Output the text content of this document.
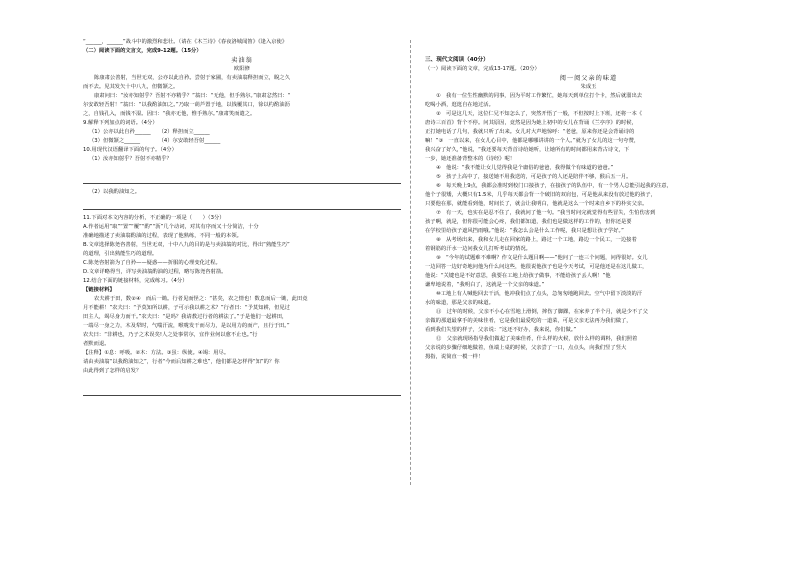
“______，______”战斗中的激烈和悲壮。（请在《木兰诗》《春夜洛城闻笛》《逢入京使》
（二）阅读下面的文言文，完成9-12题。（15分）
卖油翁
欧阳修
陈康肃公善射，当世无双，公亦以此自矜。尝射于家圃，有卖油翁释担而立，睨之久
而不去。见其发矢十中八九，但微颔之。
康肃问曰：“汝亦知射乎？吾射不亦精乎？”翁曰：“无他，但手熟尔。”康肃忿然曰：“
尔安敢轻吾射！”翁曰：“以我酌油知之。”乃取一葫芦置于地，以钱覆其口，徐以杓酌油沥
之，自钱孔入，而钱不湿。因曰：“我亦无他，惟手熟尔。”康肃笑而遣之。
9.解释下列加点的词语。（4分）
（1）公亦以此自矜______　　（2）释担而立______
（3）但微颔之______　　　　（4）尔安敢轻吾射______
10.用现代汉语翻译下面的句子。（4分）
（1）汝亦知射乎？吾射不亦精乎？
（2）以我酌油知之。
11.下面对本文内容的分析，不正确的一项是（　　）（3分）
A.作者运用“取”“置”“覆”“酌”“沥”几个动词，对其有序而又十分简洁，十分
准确地描述了卖油翁酌油的过程，表现了他熟练，不同一般的本领。
B.文章选择陈尧咨善射，当世无双，十中八九的目的是与卖油翁的对比，得出“熟能生巧”
的道理，引出熟能生巧的道理。
C.陈尧咨射箭为了自矜——疑惑——折服的心理变化过程。
D.文章详略得当，详写卖油翁酌油的过程，略写陈尧咨射箭。
12.结合下面的链接材料，完成练习。（4分）
【链接材料】
农夫耕于田，数②④　而后一锄。行者见而怪之：“甚矣，农之情也！数息而后一锄，此田竟
月不能耕！”农夫曰：“予莫知所以耕，子可示我以耕之术？”行者曰：“予莫知耕，但见过
田主人，竭尽身力而干。”农夫曰：“是吗？我请教过行者的耕法了。”于是他们一起耕田，
一端尽一身之力，木及犁时，气喘汗流，喉咙发干而尽力，是以用力的而产，且行于田。”
农夫曰：“非耕也，乃子之术误矣!人之处事常尔，宜作业何以愈不止也。”行
者默而退。
【注释】①息：呼吸。②木：方法。③虽：纵使。④竭：用尽。
请由卖油翁“以我酌油知之”，行者“今而后知耕之难也”，他们都是怎样得“知”的？你
由此得到了怎样的启发？
三、现代文阅读（40分）
（一）阅读下面的文章，完成13-17题。（20分）
阅一阅父亲的味道
朱成玉
①　我有一位生性幽默的同事，因为平时工作繁忙，她每天到单位打个卡，然后就溜出去
吃喝小酒，逛逛自在地过活。
②　可是这几天，这位仁兄不知怎么了，突然开悟了一般，不但按时上下班，还将一本《
唐诗三百首》背个不停。问其原因，竟然是因为她上初中的女儿在背诵《兰亭序》的时候，
正打她电话了几句，我就只听了出来。女儿对大声地惊呼：“老爸，原来你还是会背诵诗的
嘛！”③　一直以来，在女儿心目中，他都是哪哪讲讲的一个人。”就为了女儿的这一句夸赞，
我兴奋了好久，”他说，“我还要每天背首诗给她听，让她所有的时间都用来背古诗文，下
一步，她还准备背整本的《诗经》呢！
④　他说：“我不能让女儿觉得我是个庸俗的爸爸，我得做个有味道的爸爸。”
⑤　孩子上高中了，接送她不用我送的，可是孩子的人还是陪伴不够，猴后五一月。
⑥　每天晚上9点，我都会准时到校门口接孩子，在接孩子的队伍中，有一个男人总能引起我的注意，
他个子很矮，大概只有1.5米，几乎每天都会背一个破旧的双肩包，可是他从来没有放过他的孩子，
只要他在那，就能看到他，时间长了，就会让我明白，他就是这么一个时来自乡下的朴实父亲。
⑦　有一天，也实在是忍不住了，我就问了他一句。“我当时问完就觉得有些冒失，生怕伤害到
孩子啊，就是，但你很可能会心疼，我们都知道，我们也是做这样的工作的，但你还是要
在学校里给孩子遮风挡雨哦。”他说：“我怎么会是什么工作呢，我只是想让孩子学好。”
⑧　从考场出来，我和女儿走在回家的路上，路过一个工地，路边一个民工，一边接着
着钢筋的汗水一边问我女儿打听考试的情况。
⑨　“今年的试题难不难啊？作文是什么题目啊——”他问了一连三个问题，问得很好。女儿
一边回答一边好奇地问他为什么问这些，他很说他孩子也是今天考试，可是他还是在这儿做工，
他说：“关键也是不好意思，我要在工地上给孩子做事，不能给孩子丢人啊！”他
谦卑地说着，“我明白了，这就是一个父亲的味道。”
⑩工地上有人喊他回去干活，他冲我们点了点头，急匆匆地跑回去。空气中留下淡淡的汗
水的味道，那是父亲的味道。
⑪　过年的时候，父亲不小心在雪地上滑倒，摔伤了脚踝，在家养了半个月，就是少不了父
亲做的那道最拿手的美味佳肴，它是我们最爱吃的一道菜，可是父亲无法再为我们做了，
看到我们失望的样子，父亲说：“这还不好办，我来说，你们做。”
⑫　父亲就现场指导我们做起了美味佳肴，什么样的火候，放什么样的调料，我们照着
父亲说的步骤仔细地做着，鱼端上桌的时候，父亲尝了一口，点点头，向我们竖了竖大
拇指，说简直一模一样！
